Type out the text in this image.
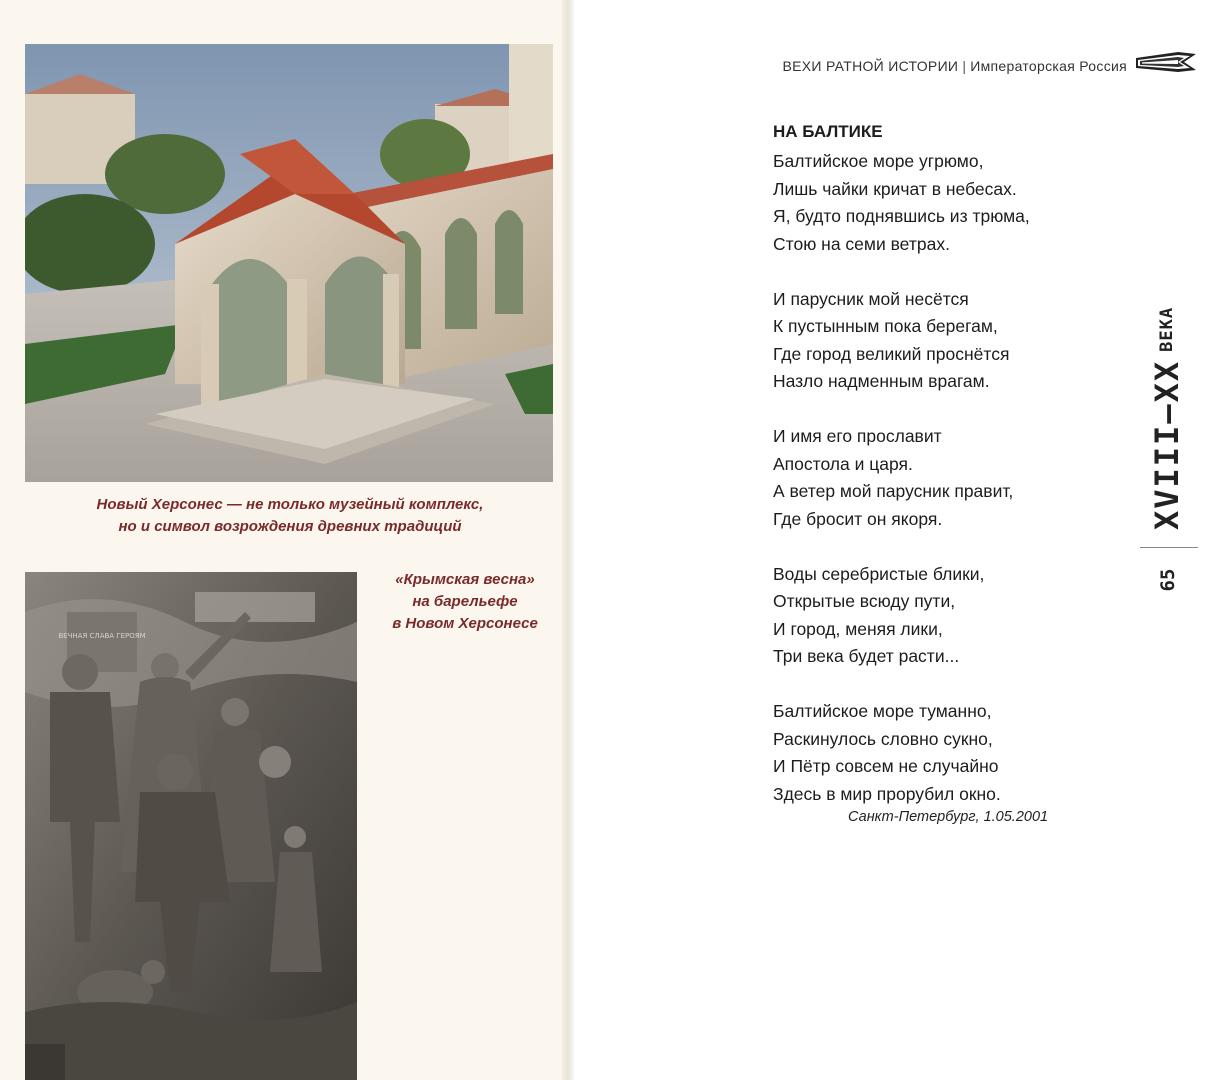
Новый Херсонес — не только музейный комплекс,
но и символ возрождения древних традиций
ВЕЧНАЯ СЛАВА ГЕРОЯМ
«Крымская весна»
на барельефе
в Новом Херсонесе
ВЕХИ РАТНОЙ ИСТОРИИ | Императорская Россия

НА БАЛТИКЕ

Балтийское море угрюмо,
Лишь чайки кричат в небесах.
Я, будто поднявшись из трюма,
Стою на семи ветрах.
И парусник мой несётся
К пустынным пока берегам,
Где город великий проснётся
Назло надменным врагам.
И имя его прославит
Апостола и царя.
А ветер мой парусник правит,
Где бросит он якоря.
Воды серебристые блики,
Открытые всюду пути,
И город, меняя лики,
Три века будет расти...
Балтийское море туманно,
Раскинулось словно сукно,
И Пётр совсем не случайно
Здесь в мир прорубил окно.
Санкт-Петербург, 1.05.2001
XVIII–XX
ВЕКА
65
